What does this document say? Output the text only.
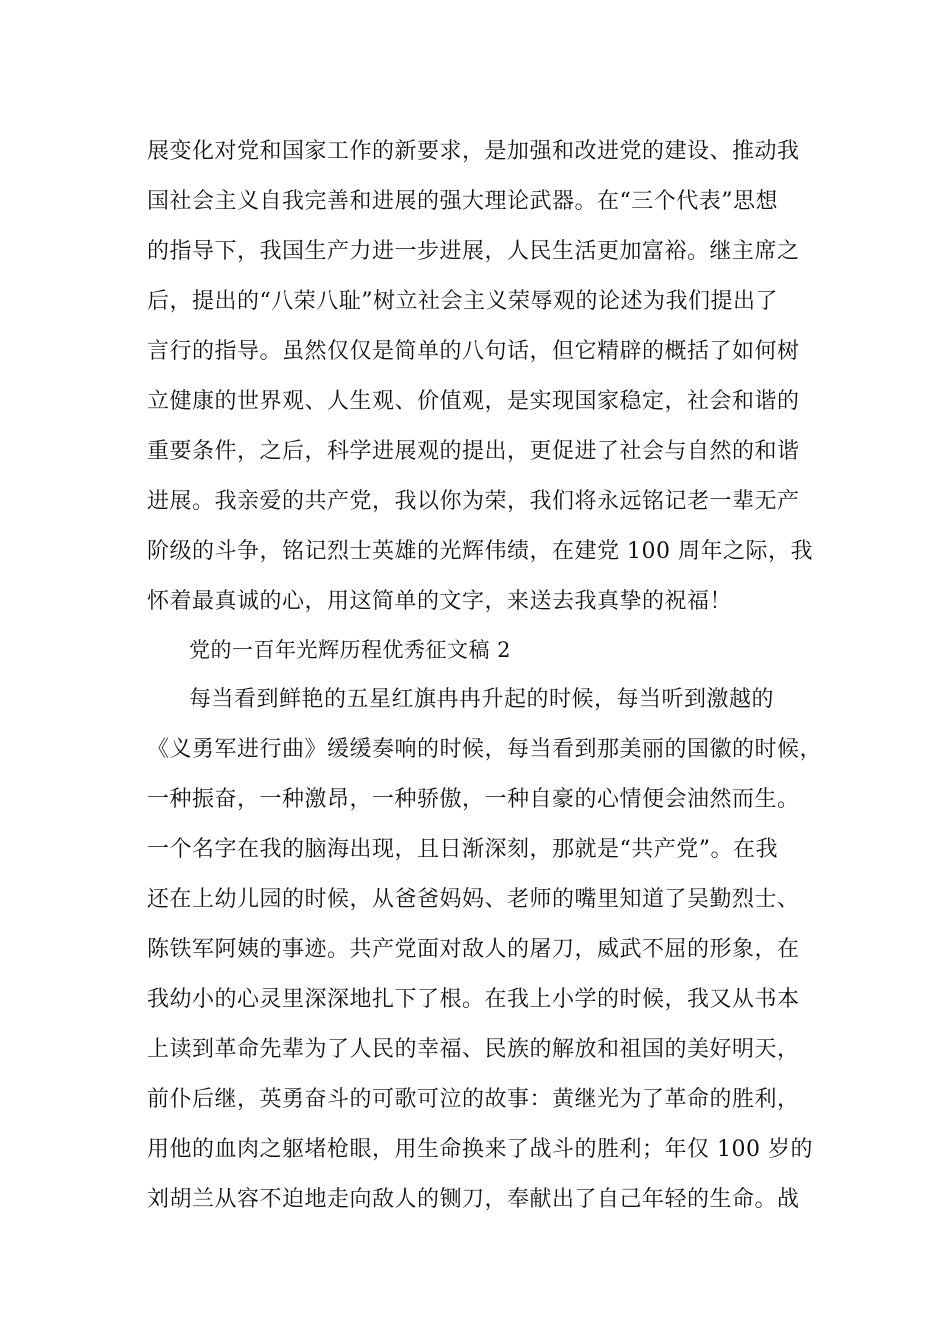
展变化对党和国家工作的新要求，是加强和改进党的建设、推动我
国社会主义自我完善和进展的强大理论武器。在“三个代表”思想
的指导下，我国生产力进一步进展，人民生活更加富裕。继主席之
后，提出的“八荣八耻”树立社会主义荣辱观的论述为我们提出了
言行的指导。虽然仅仅是简单的八句话，但它精辟的概括了如何树
立健康的世界观、人生观、价值观，是实现国家稳定，社会和谐的
重要条件，之后，科学进展观的提出，更促进了社会与自然的和谐
进展。我亲爱的共产党，我以你为荣，我们将永远铭记老一辈无产
阶级的斗争，铭记烈士英雄的光辉伟绩，在建党 100 周年之际，我
怀着最真诚的心，用这简单的文字，来送去我真挚的祝福！
党的一百年光辉历程优秀征文稿 2
每当看到鲜艳的五星红旗冉冉升起的时候，每当听到激越的
《义勇军进行曲》缓缓奏响的时候，每当看到那美丽的国徽的时候，
一种振奋，一种激昂，一种骄傲，一种自豪的心情便会油然而生。
一个名字在我的脑海出现，且日渐深刻，那就是“共产党”。在我
还在上幼儿园的时候，从爸爸妈妈、老师的嘴里知道了吴勤烈士、
陈铁军阿姨的事迹。共产党面对敌人的屠刀，威武不屈的形象，在
我幼小的心灵里深深地扎下了根。在我上小学的时候，我又从书本
上读到革命先辈为了人民的幸福、民族的解放和祖国的美好明天，
前仆后继，英勇奋斗的可歌可泣的故事：黄继光为了革命的胜利，
用他的血肉之躯堵枪眼，用生命换来了战斗的胜利；年仅 100 岁的
刘胡兰从容不迫地走向敌人的铡刀，奉献出了自己年轻的生命。战
